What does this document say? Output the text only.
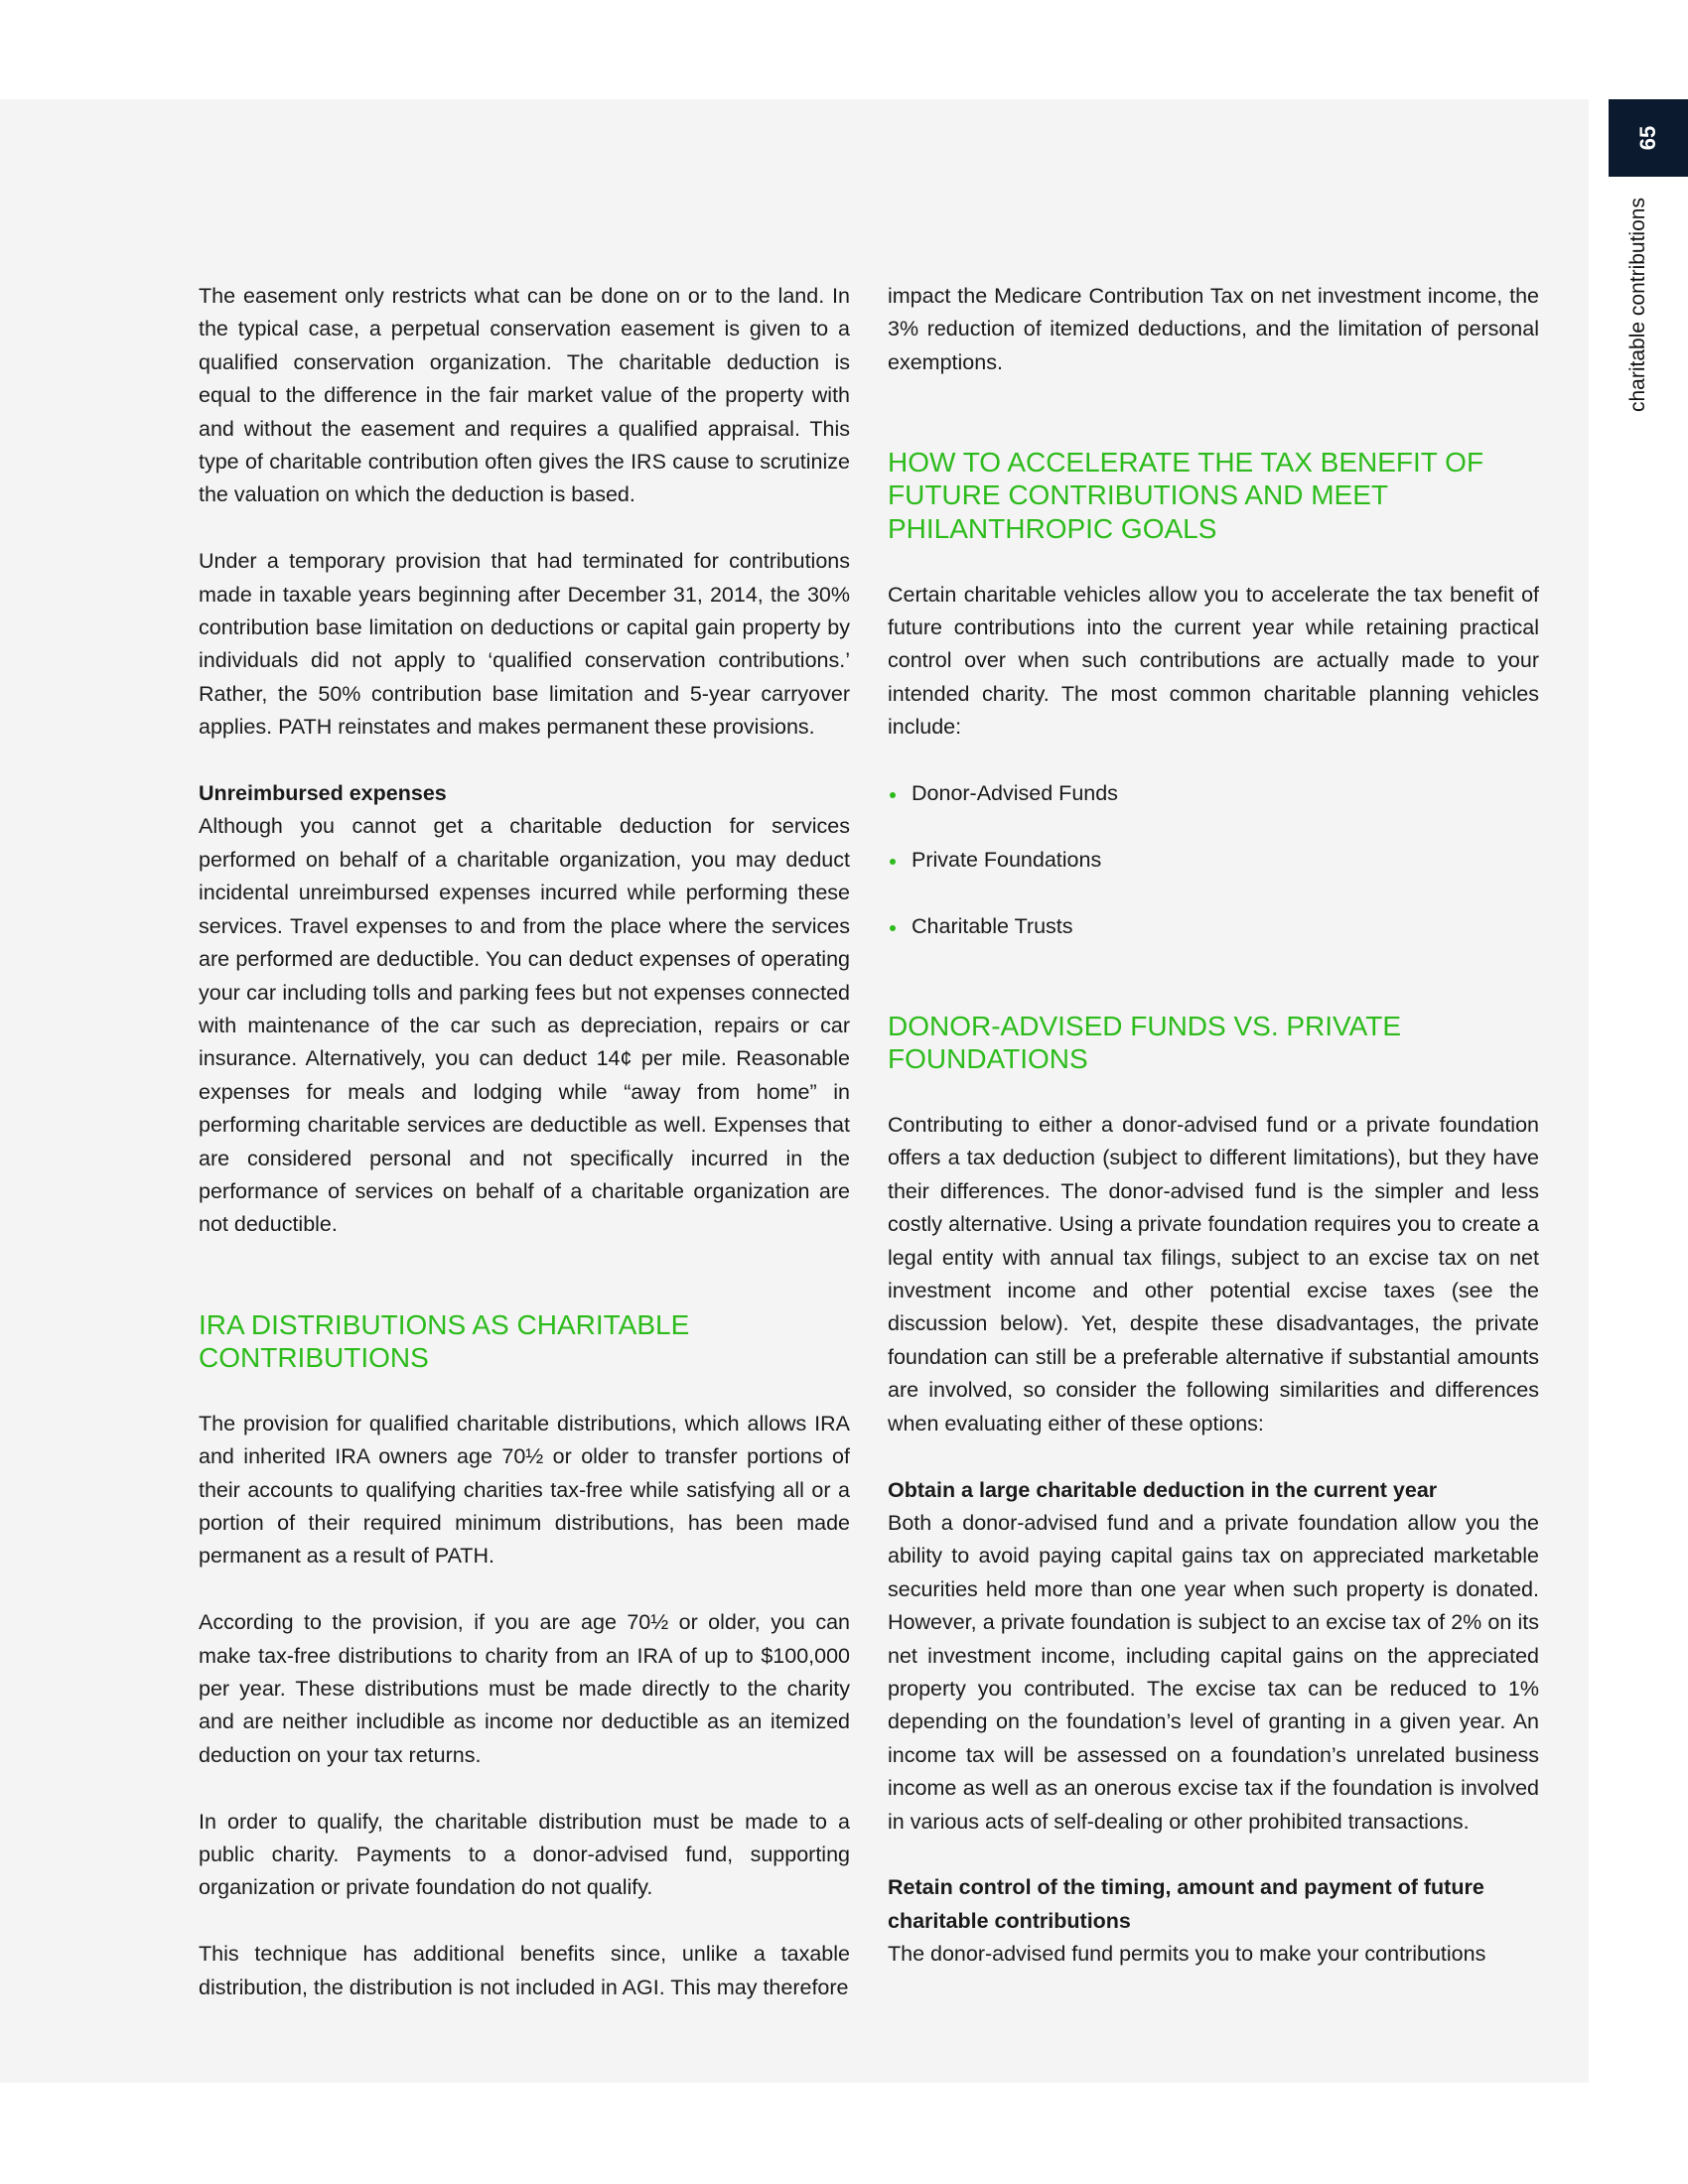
65
charitable contributions

The easement only restricts what can be done on or to the land. In the typical case, a perpetual conservation easement is given to a qualified conservation organization. The charitable deduction is equal to the difference in the fair market value of the property with and without the easement and requires a qualified appraisal. This type of charitable contribution often gives the IRS cause to scrutinize the valuation on which the deduction is based.

Under a temporary provision that had terminated for contributions made in taxable years beginning after December 31, 2014, the 30% contribution base limitation on deductions or capital gain property by individuals did not apply to ‘qualified conservation contributions.’ Rather, the 50% contribution base limitation and 5-year carryover applies. PATH reinstates and makes permanent these provisions.

Unreimbursed expenses

Although you cannot get a charitable deduction for services performed on behalf of a charitable organization, you may deduct incidental unreimbursed expenses incurred while performing these services. Travel expenses to and from the place where the services are performed are deductible. You can deduct expenses of operating your car including tolls and parking fees but not expenses connected with maintenance of the car such as depreciation, repairs or car insurance. Alternatively, you can deduct 14¢ per mile. Reasonable expenses for meals and lodging while “away from home” in performing charitable services are deductible as well. Expenses that are considered personal and not specifically incurred in the performance of services on behalf of a charitable organization are not deductible.

IRA DISTRIBUTIONS AS CHARITABLE CONTRIBUTIONS

The provision for qualified charitable distributions, which allows IRA and inherited IRA owners age 70½ or older to transfer portions of their accounts to qualifying charities tax-free while satisfying all or a portion of their required minimum distributions, has been made permanent as a result of PATH.

According to the provision, if you are age 70½ or older, you can make tax-free distributions to charity from an IRA of up to $100,000 per year. These distributions must be made directly to the charity and are neither includible as income nor deductible as an itemized deduction on your tax returns.

In order to qualify, the charitable distribution must be made to a public charity. Payments to a donor-advised fund, supporting organization or private foundation do not qualify.

This technique has additional benefits since, unlike a taxable distribution, the distribution is not included in AGI. This may therefore

impact the Medicare Contribution Tax on net investment income, the 3% reduction of itemized deductions, and the limitation of personal exemptions.

HOW TO ACCELERATE THE TAX BENEFIT OF FUTURE CONTRIBUTIONS AND MEET PHILANTHROPIC GOALS

Certain charitable vehicles allow you to accelerate the tax benefit of future contributions into the current year while retaining practical control over when such contributions are actually made to your intended charity. The most common charitable planning vehicles include:

Donor-Advised Funds
Private Foundations
Charitable Trusts
DONOR-ADVISED FUNDS VS. PRIVATE FOUNDATIONS

Contributing to either a donor-advised fund or a private foundation offers a tax deduction (subject to different limitations), but they have their differences. The donor-advised fund is the simpler and less costly alternative. Using a private foundation requires you to create a legal entity with annual tax filings, subject to an excise tax on net investment income and other potential excise taxes (see the discussion below). Yet, despite these disadvantages, the private foundation can still be a preferable alternative if substantial amounts are involved, so consider the following similarities and differences when evaluating either of these options:

Obtain a large charitable deduction in the current year

Both a donor-advised fund and a private foundation allow you the ability to avoid paying capital gains tax on appreciated marketable securities held more than one year when such property is donated. However, a private foundation is subject to an excise tax of 2% on its net investment income, including capital gains on the appreciated property you contributed. The excise tax can be reduced to 1% depending on the foundation’s level of granting in a given year. An income tax will be assessed on a foundation’s unrelated business income as well as an onerous excise tax if the foundation is involved in various acts of self-dealing or other prohibited transactions.

Retain control of the timing, amount and payment of future charitable contributions

The donor-advised fund permits you to make your contributions
